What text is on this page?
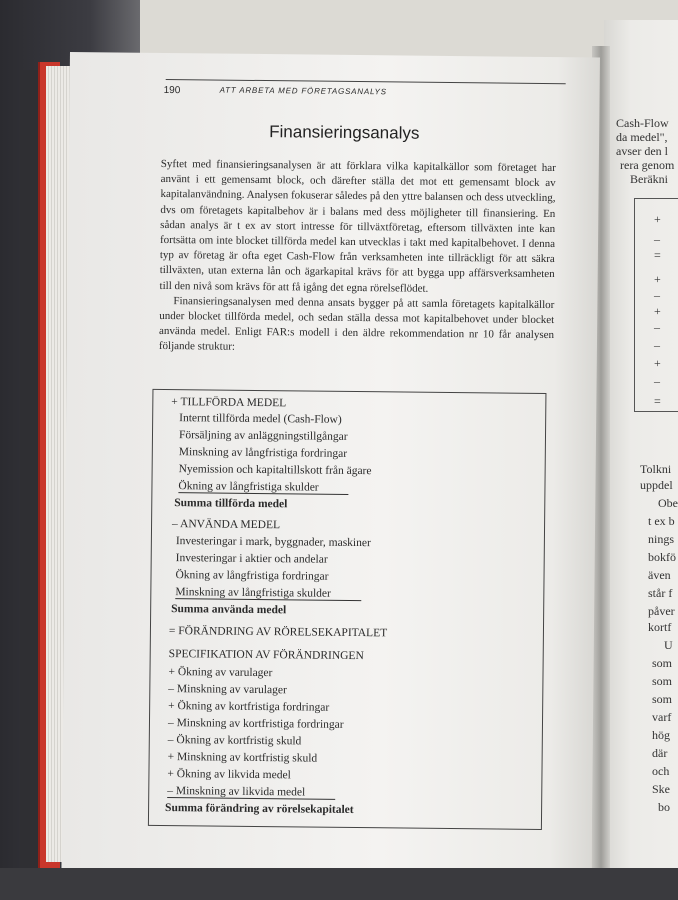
Cash-Flow
da medel",
avser den l
rera genom
Beräkni
+
–
=
+
–
+
–
–
+
–
=
Tolkni
uppdel
Obe
t ex b
nings
bokfö
även
står f
påver
kortf
U
som
som
som
varf
hög
där
och
Ske
bo
190	ATT ARBETA MED FÖRETAGSANALYS
Finansieringsanalys

Syftet med finansieringsanalysen är att förklara vilka kapitalkällor som företaget har använt i ett gemensamt block, och därefter ställa det mot ett gemensamt block av kapitalanvändning. Analysen fokuserar således på den yttre balansen och dess utveckling, dvs om företagets kapitalbehov är i balans med dess möjligheter till finansiering. En sådan analys är t ex av stort intresse för tillväxtföretag, eftersom tillväxten inte kan fortsätta om inte blocket tillförda medel kan utvecklas i takt med kapitalbehovet. I denna typ av företag är ofta eget Cash-Flow från verksamheten inte tillräckligt för att säkra tillväxten, utan externa lån och ägarkapital krävs för att bygga upp affärsverksamheten till den nivå som krävs för att få igång det egna rörelseflödet.

Finansieringsanalysen med denna ansats bygger på att samla företagets kapitalkällor under blocket tillförda medel, och sedan ställa dessa mot kapitalbehovet under blocket använda medel. Enligt FAR:s modell i den äldre rekommendation nr 10 får analysen följande struktur:

+ TILLFÖRDA MEDEL
Internt tillförda medel (Cash-Flow)
Försäljning av anläggningstillgångar
Minskning av långfristiga fordringar
Nyemission och kapitaltillskott från ägare
Ökning av långfristiga skulder
Summa tillförda medel
– ANVÄNDA MEDEL
Investeringar i mark, byggnader, maskiner
Investeringar i aktier och andelar
Ökning av långfristiga fordringar
Minskning av långfristiga skulder
Summa använda medel
= FÖRÄNDRING AV RÖRELSEKAPITALET
SPECIFIKATION AV FÖRÄNDRINGEN
+ Ökning av varulager
– Minskning av varulager
+ Ökning av kortfristiga fordringar
– Minskning av kortfristiga fordringar
– Ökning av kortfristig skuld
+ Minskning av kortfristig skuld
+ Ökning av likvida medel
– Minskning av likvida medel
Summa förändring av rörelsekapitalet
